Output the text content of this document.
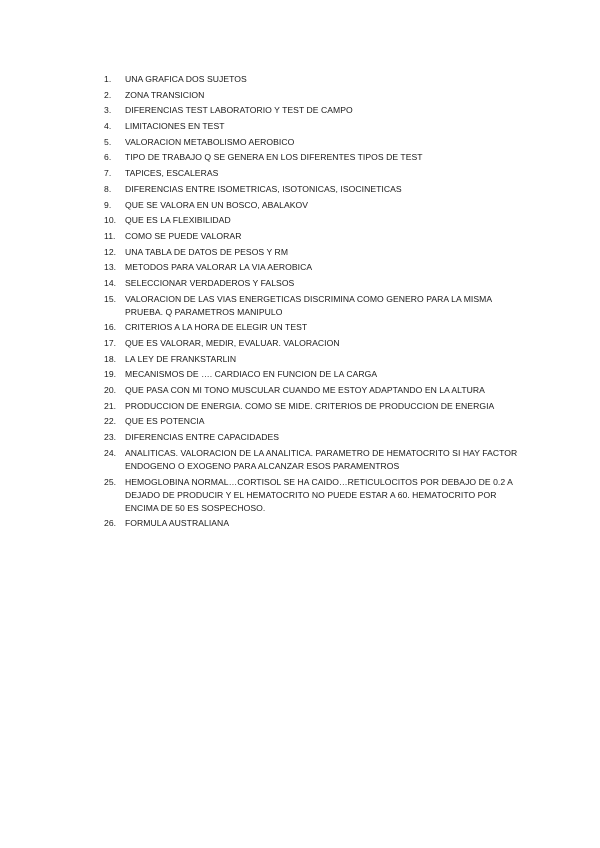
1.	UNA GRAFICA DOS SUJETOS
2.	ZONA TRANSICION
3.	DIFERENCIAS TEST LABORATORIO Y TEST DE CAMPO
4.	LIMITACIONES EN TEST
5.	VALORACION METABOLISMO AEROBICO
6.	TIPO DE TRABAJO Q SE GENERA EN LOS DIFERENTES TIPOS DE TEST
7.	TAPICES, ESCALERAS
8.	DIFERENCIAS ENTRE ISOMETRICAS, ISOTONICAS, ISOCINETICAS
9.	QUE SE VALORA EN UN BOSCO, ABALAKOV
10.	QUE ES LA FLEXIBILIDAD
11.	COMO SE PUEDE VALORAR
12.	UNA TABLA DE DATOS DE PESOS Y RM
13.	METODOS PARA VALORAR LA VIA AEROBICA
14.	SELECCIONAR VERDADEROS Y FALSOS
15.	VALORACION DE LAS VIAS ENERGETICAS DISCRIMINA COMO GENERO PARA LA MISMA PRUEBA. Q PARAMETROS MANIPULO
16.	CRITERIOS A LA HORA DE ELEGIR UN TEST
17.	QUE ES VALORAR, MEDIR, EVALUAR. VALORACION
18.	LA LEY DE FRANKSTARLIN
19.	MECANISMOS DE …. CARDIACO EN FUNCION DE LA CARGA
20.	QUE PASA CON MI TONO MUSCULAR CUANDO ME ESTOY ADAPTANDO EN LA ALTURA
21.	PRODUCCION DE ENERGIA. COMO SE MIDE. CRITERIOS DE PRODUCCION DE ENERGIA
22.	QUE ES POTENCIA
23.	DIFERENCIAS ENTRE CAPACIDADES
24.	ANALITICAS. VALORACION DE LA ANALITICA. PARAMETRO DE HEMATOCRITO SI HAY FACTOR ENDOGENO O EXOGENO PARA ALCANZAR ESOS PARAMENTROS
25.	HEMOGLOBINA NORMAL…CORTISOL SE HA CAIDO…RETICULOCITOS POR DEBAJO DE 0.2 A DEJADO DE PRODUCIR Y EL HEMATOCRITO NO PUEDE ESTAR A 60. HEMATOCRITO POR ENCIMA DE 50 ES SOSPECHOSO.
26.	FORMULA AUSTRALIANA
